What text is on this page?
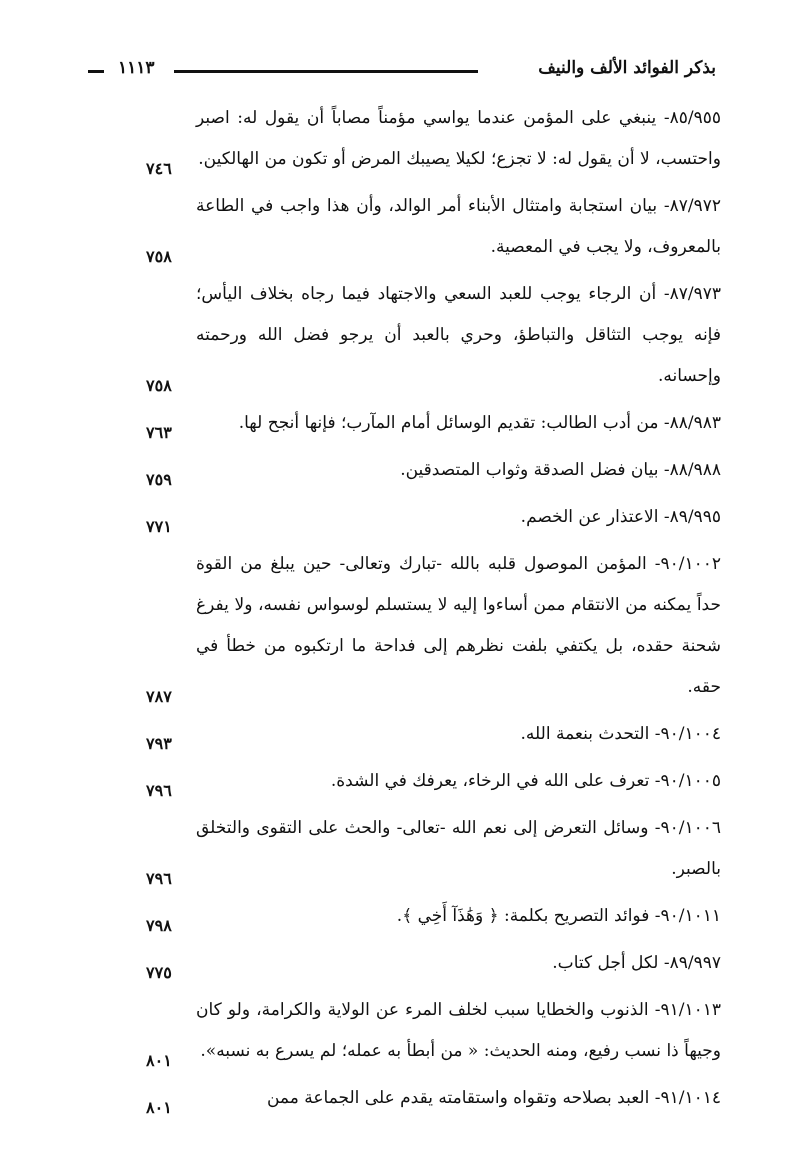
بذكر الفوائد الألف والنيف
١١١٣
٨٥/٩٥٥- ينبغي على المؤمن عندما يواسي مؤمناً مصاباً أن يقول له: اصبر واحتسب، لا أن يقول له: لا تجزع؛ لكيلا يصيبك المرض أو تكون من الهالكين.
٧٤٦
٨٧/٩٧٢- بيان استجابة وامتثال الأبناء أمر الوالد، وأن هذا واجب في الطاعة بالمعروف، ولا يجب في المعصية.
٧٥٨
٨٧/٩٧٣- أن الرجاء يوجب للعبد السعي والاجتهاد فيما رجاه بخلاف اليأس؛ فإنه يوجب التثاقل والتباطؤ، وحري بالعبد أن يرجو فضل الله ورحمته وإحسانه.
٧٥٨
٨٨/٩٨٣- من أدب الطالب: تقديم الوسائل أمام المآرب؛ فإنها أنجح لها.
٧٦٣
٨٨/٩٨٨- بيان فضل الصدقة وثواب المتصدقين.
٧٥٩
٨٩/٩٩٥- الاعتذار عن الخصم.
٧٧١
٩٠/١٠٠٢- المؤمن الموصول قلبه بالله -تبارك وتعالى- حين يبلغ من القوة حداً يمكنه من الانتقام ممن أساءوا إليه لا يستسلم لوسواس نفسه، ولا يفرغ شحنة حقده، بل يكتفي بلفت نظرهم إلى فداحة ما ارتكبوه من خطأ في حقه.
٧٨٧
٩٠/١٠٠٤- التحدث بنعمة الله.
٧٩٣
٩٠/١٠٠٥- تعرف على الله في الرخاء، يعرفك في الشدة.
٧٩٦
٩٠/١٠٠٦- وسائل التعرض إلى نعم الله -تعالى- والحث على التقوى والتخلق بالصبر.
٧٩٦
٩٠/١٠١١- فوائد التصريح بكلمة: ﴿ وَهَٰذَآ أَخِي ﴾.
٧٩٨
٨٩/٩٩٧- لكل أجل كتاب.
٧٧٥
٩١/١٠١٣- الذنوب والخطايا سبب لخلف المرء عن الولاية والكرامة، ولو كان وجيهاً ذا نسب رفيع، ومنه الحديث: « من أبطأ به عمله؛ لم يسرع به نسبه».
٨٠١
٩١/١٠١٤- العبد بصلاحه وتقواه واستقامته يقدم على الجماعة ممن
٨٠١
